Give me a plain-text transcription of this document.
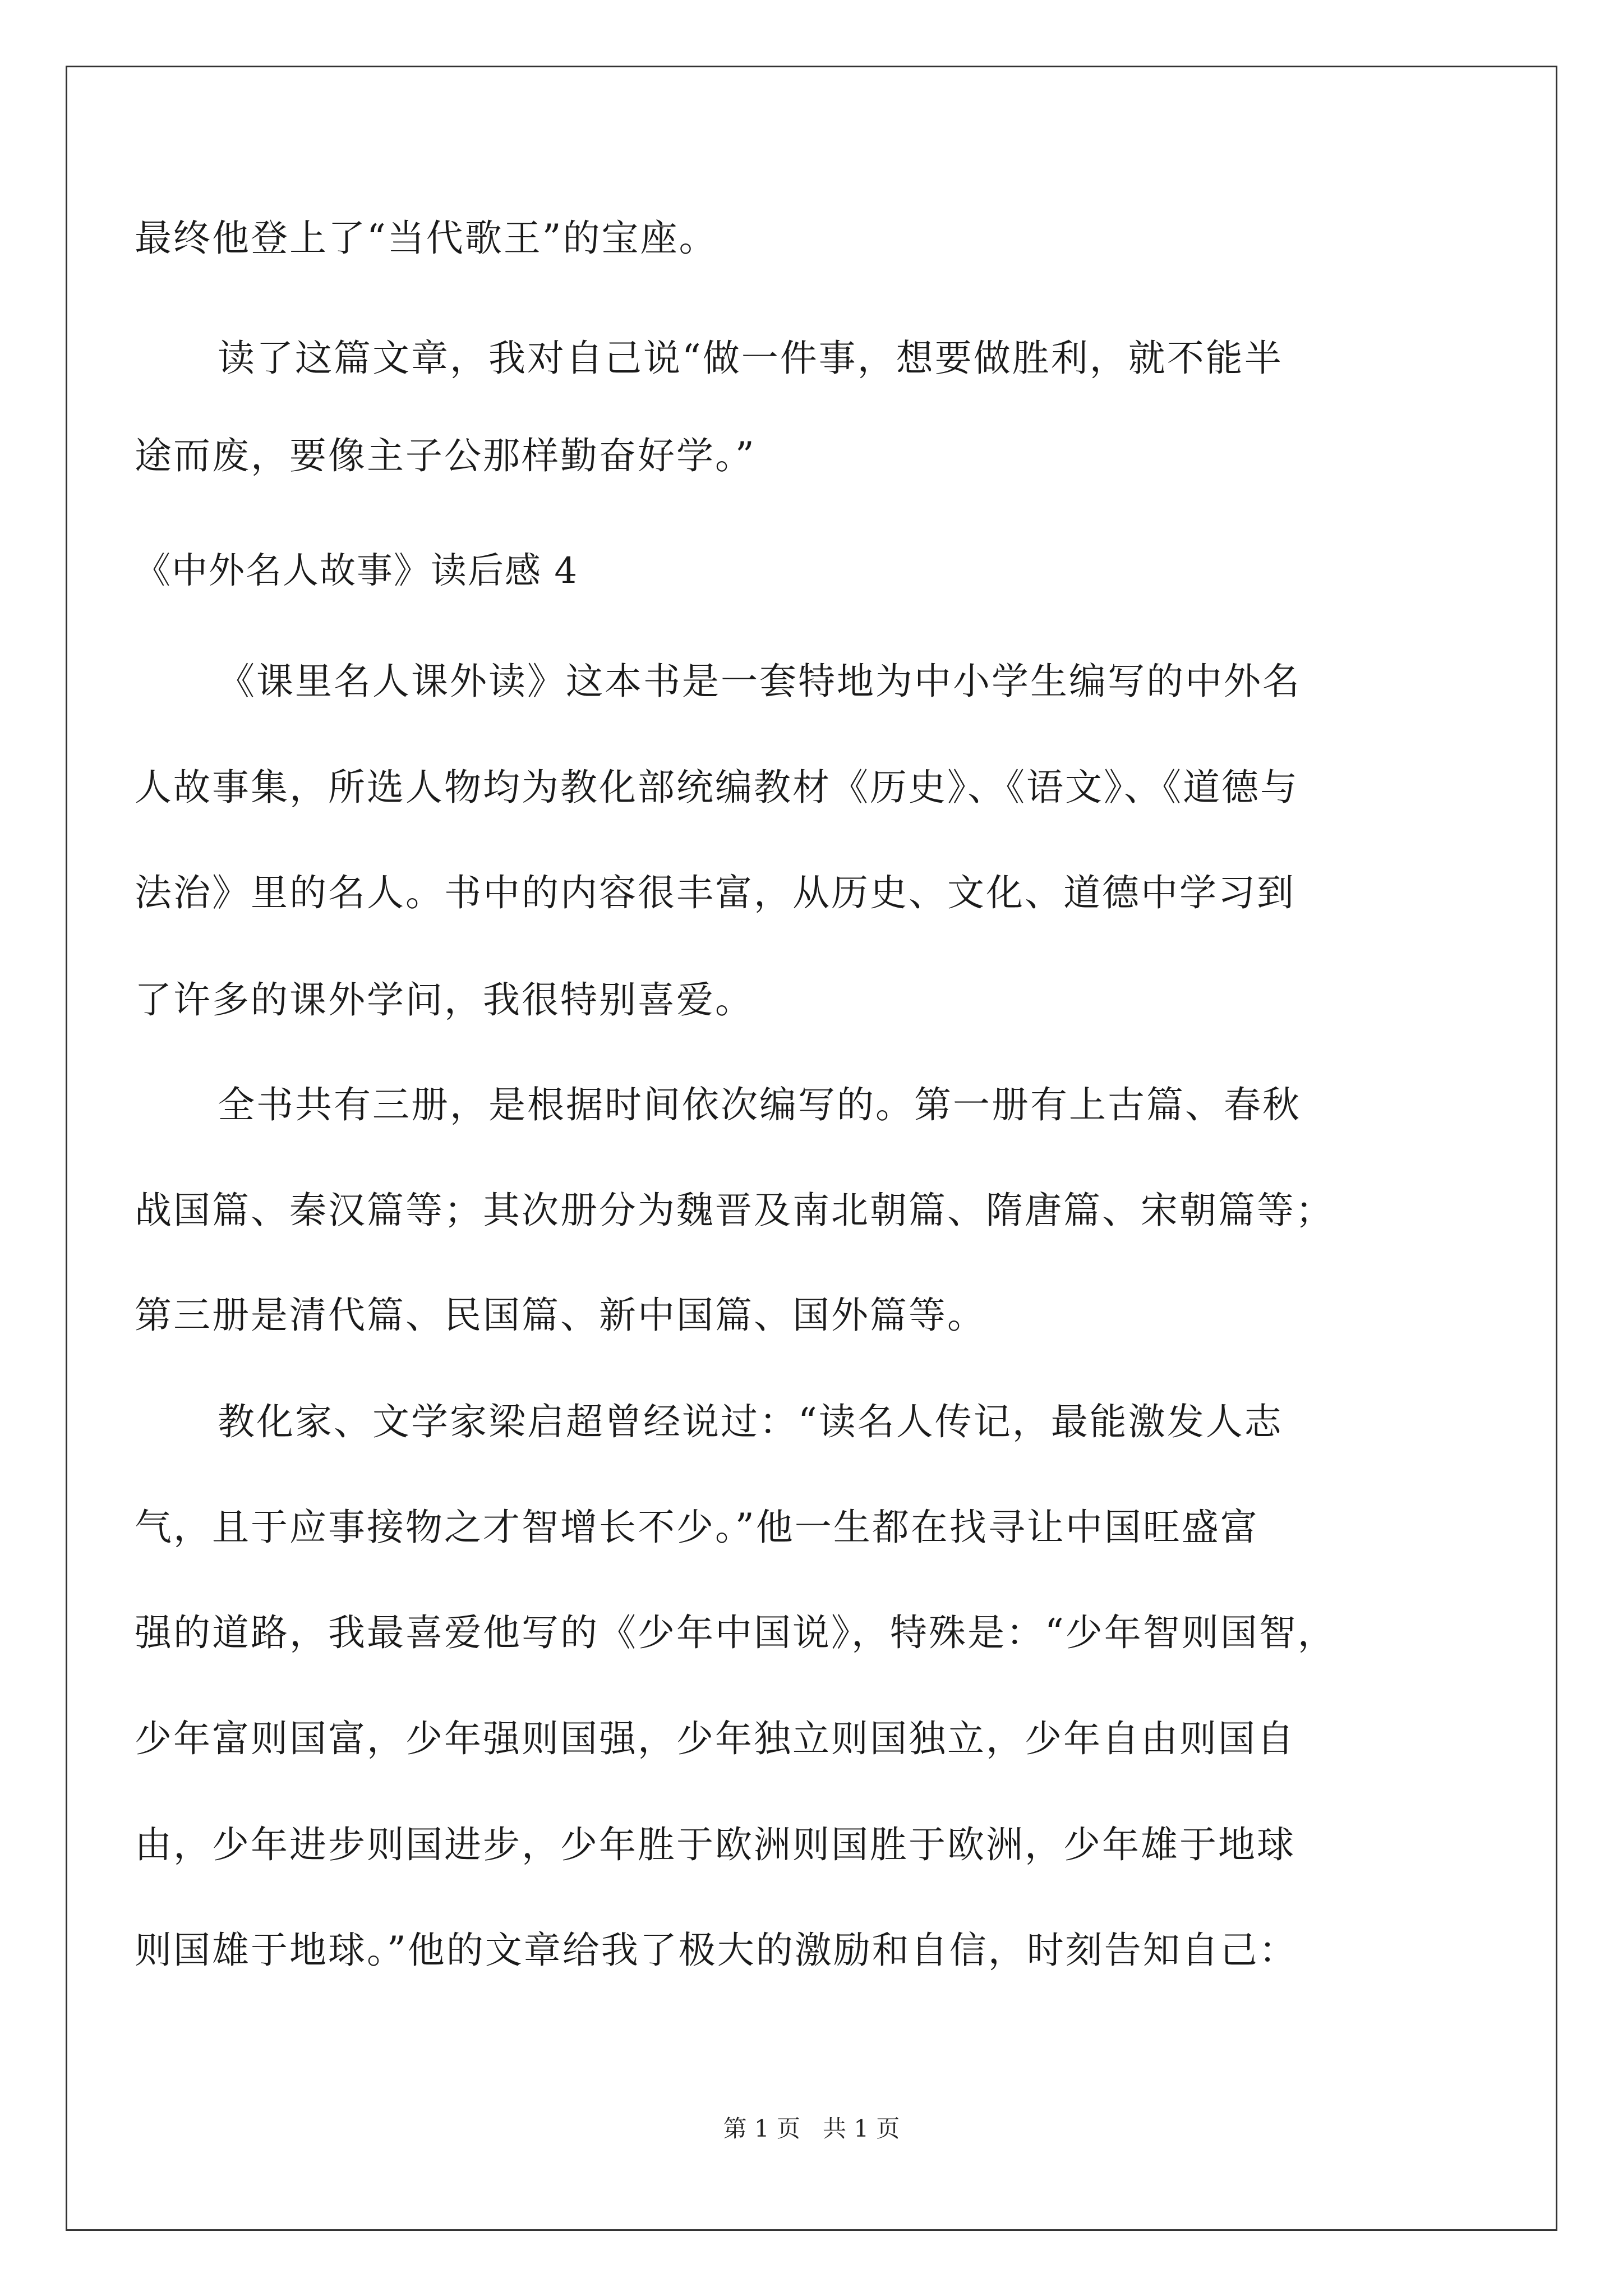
最终他登上了“当代歌王”的宝座。
读了这篇文章，我对自己说“做一件事，想要做胜利，就不能半
途而废，要像主子公那样勤奋好学。”
《中外名人故事》读后感 4
《课里名人课外读》这本书是一套特地为中小学生编写的中外名
人故事集，所选人物均为教化部统编教材《历史》、《语文》、《道德与
法治》里的名人。书中的内容很丰富，从历史、文化、道德中学习到
了许多的课外学问，我很特别喜爱。
全书共有三册，是根据时间依次编写的。第一册有上古篇、春秋
战国篇、秦汉篇等；其次册分为魏晋及南北朝篇、隋唐篇、宋朝篇等；
第三册是清代篇、民国篇、新中国篇、国外篇等。
教化家、文学家梁启超曾经说过：“读名人传记，最能激发人志
气，且于应事接物之才智增长不少。”他一生都在找寻让中国旺盛富
强的道路，我最喜爱他写的《少年中国说》，特殊是：“少年智则国智，
少年富则国富，少年强则国强，少年独立则国独立，少年自由则国自
由，少年进步则国进步，少年胜于欧洲则国胜于欧洲，少年雄于地球
则国雄于地球。”他的文章给我了极大的激励和自信，时刻告知自己：
第 1 页 共 1 页
